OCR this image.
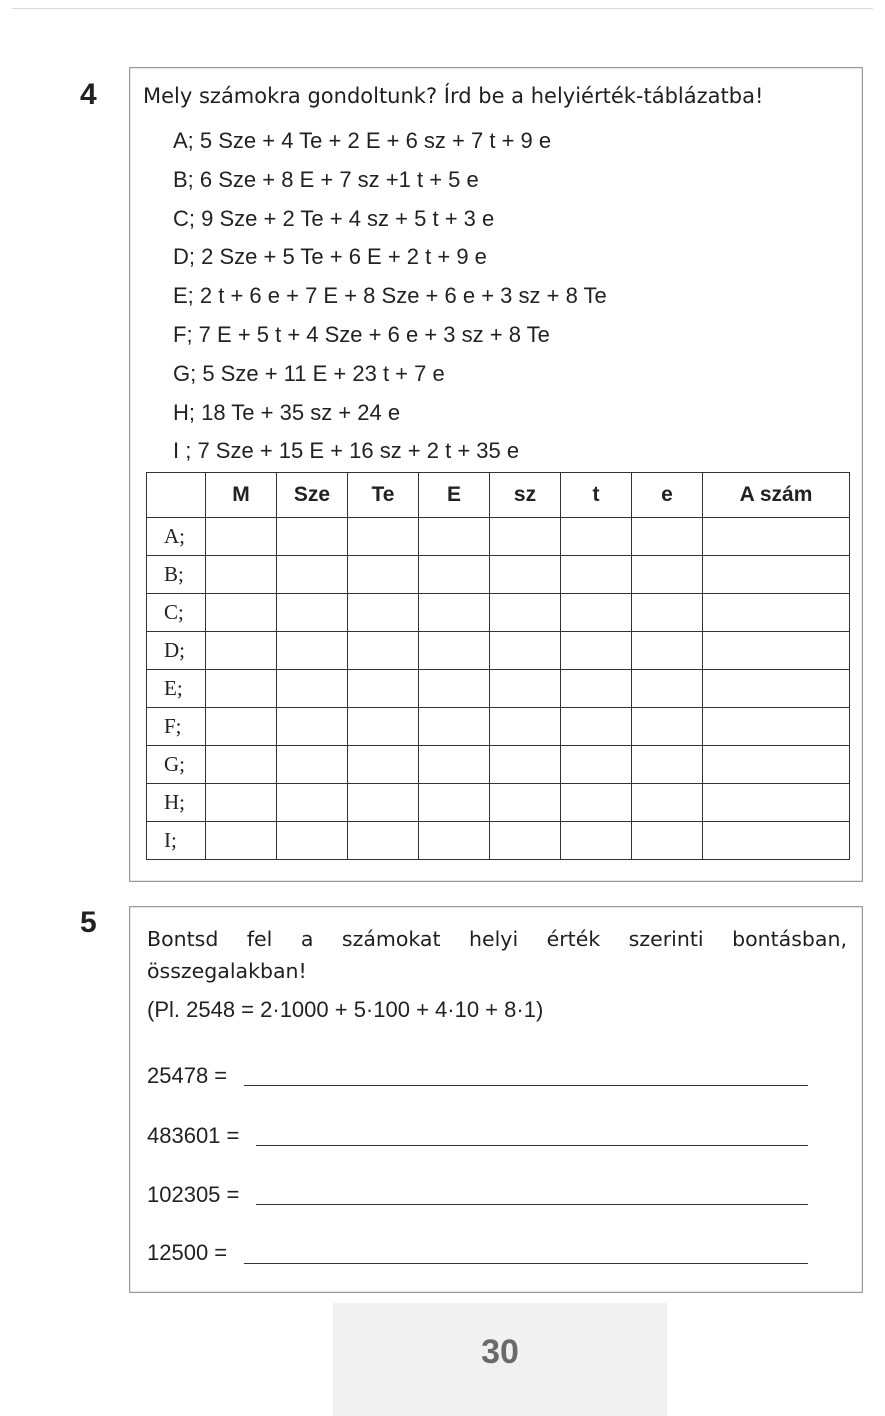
4 Mely számokra gondoltunk? Írd be a helyiérték-táblázatba!
A; 5 Sze + 4 Te + 2 E + 6 sz + 7 t + 9 e
B; 6 Sze + 8 E + 7 sz +1 t + 5 e
C; 9 Sze + 2 Te + 4 sz + 5 t + 3 e
D; 2 Sze + 5 Te + 6 E + 2 t + 9 e
E; 2 t + 6 e + 7 E + 8 Sze + 6 e + 3 sz + 8 Te
F; 7 E + 5 t + 4 Sze + 6 e + 3 sz + 8 Te
G; 5 Sze + 11 E + 23 t + 7 e
H; 18 Te + 35 sz + 24 e
I ; 7 Sze + 15 E + 16 sz + 2 t + 35 e
	M	Sze	Te	E	sz	t	e	A szám
A;								
B;								
C;								
D;								
E;								
F;								
G;								
H;								
I;								
5 Bontsd fel a számokat helyi érték szerinti bontásban, összegalakban!
(Pl. 2548 = 2·1000 + 5·100 + 4·10 + 8·1)
25478 =
483601 =
102305 =
12500 =
30
